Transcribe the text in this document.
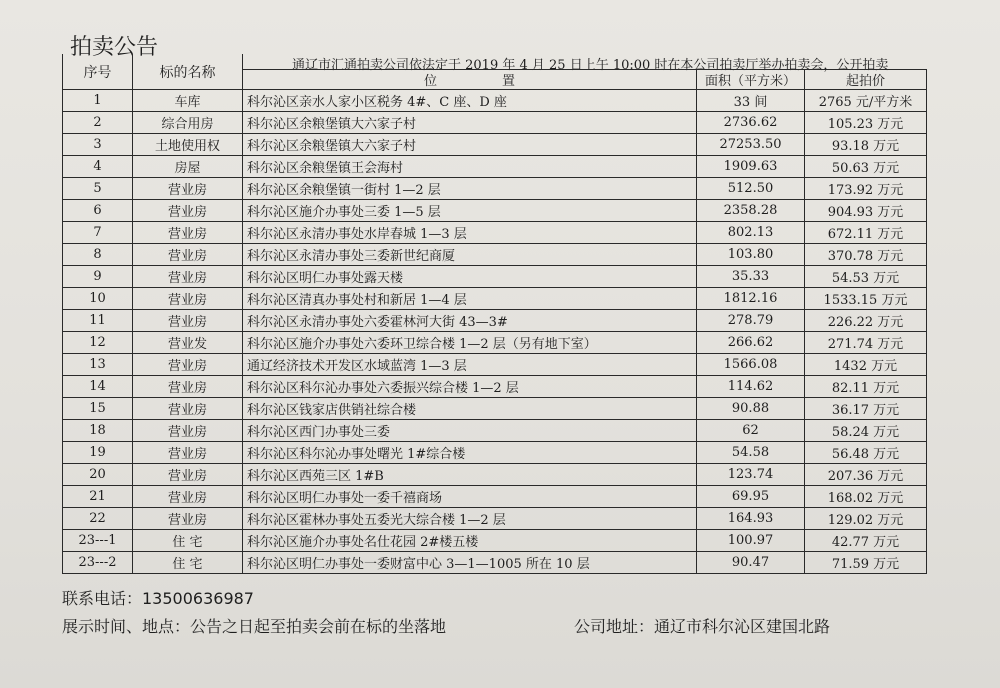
拍卖公告
通辽市汇通拍卖公司依法定于 2019 年 4 月 25 日上午 10:00 时在本公司拍卖厅举办拍卖会，公开拍卖
序号	标的名称			
		位　　　　　置	面积（平方米）	起拍价
1	车库	科尔沁区亲水人家小区税务 4#、C 座、D 座	33 间	2765 元/平方米
2	综合用房	科尔沁区余粮堡镇大六家子村	2736.62	105.23 万元
3	土地使用权	科尔沁区余粮堡镇大六家子村	27253.50	93.18 万元
4	房屋	科尔沁区余粮堡镇王会海村	1909.63	50.63 万元
5	营业房	科尔沁区余粮堡镇一街村 1—2 层	512.50	173.92 万元
6	营业房	科尔沁区施介办事处三委 1—5 层	2358.28	904.93 万元
7	营业房	科尔沁区永清办事处水岸春城 1—3 层	802.13	672.11 万元
8	营业房	科尔沁区永清办事处三委新世纪商厦	103.80	370.78 万元
9	营业房	科尔沁区明仁办事处露天楼	35.33	54.53 万元
10	营业房	科尔沁区清真办事处村和新居 1—4 层	1812.16	1533.15 万元
11	营业房	科尔沁区永清办事处六委霍林河大街 43—3#	278.79	226.22 万元
12	营业发	科尔沁区施介办事处六委环卫综合楼 1—2 层（另有地下室）	266.62	271.74 万元
13	营业房	通辽经济技术开发区水域蓝湾 1—3 层	1566.08	1432 万元
14	营业房	科尔沁区科尔沁办事处六委振兴综合楼 1—2 层	114.62	82.11 万元
15	营业房	科尔沁区钱家店供销社综合楼	90.88	36.17 万元
18	营业房	科尔沁区西门办事处三委	62	58.24 万元
19	营业房	科尔沁区科尔沁办事处曙光 1#综合楼	54.58	56.48 万元
20	营业房	科尔沁区西苑三区 1#B	123.74	207.36 万元
21	营业房	科尔沁区明仁办事处一委千禧商场	69.95	168.02 万元
22	营业房	科尔沁区霍林办事处五委光大综合楼 1—2 层	164.93	129.02 万元
23---1	住 宅	科尔沁区施介办事处名仕花园 2#楼五楼	100.97	42.77 万元
23---2	住 宅	科尔沁区明仁办事处一委财富中心 3—1—1005 所在 10 层	90.47	71.59 万元
联系电话：13500636987
展示时间、地点：公告之日起至拍卖会前在标的坐落地	公司地址：通辽市科尔沁区建国北路
